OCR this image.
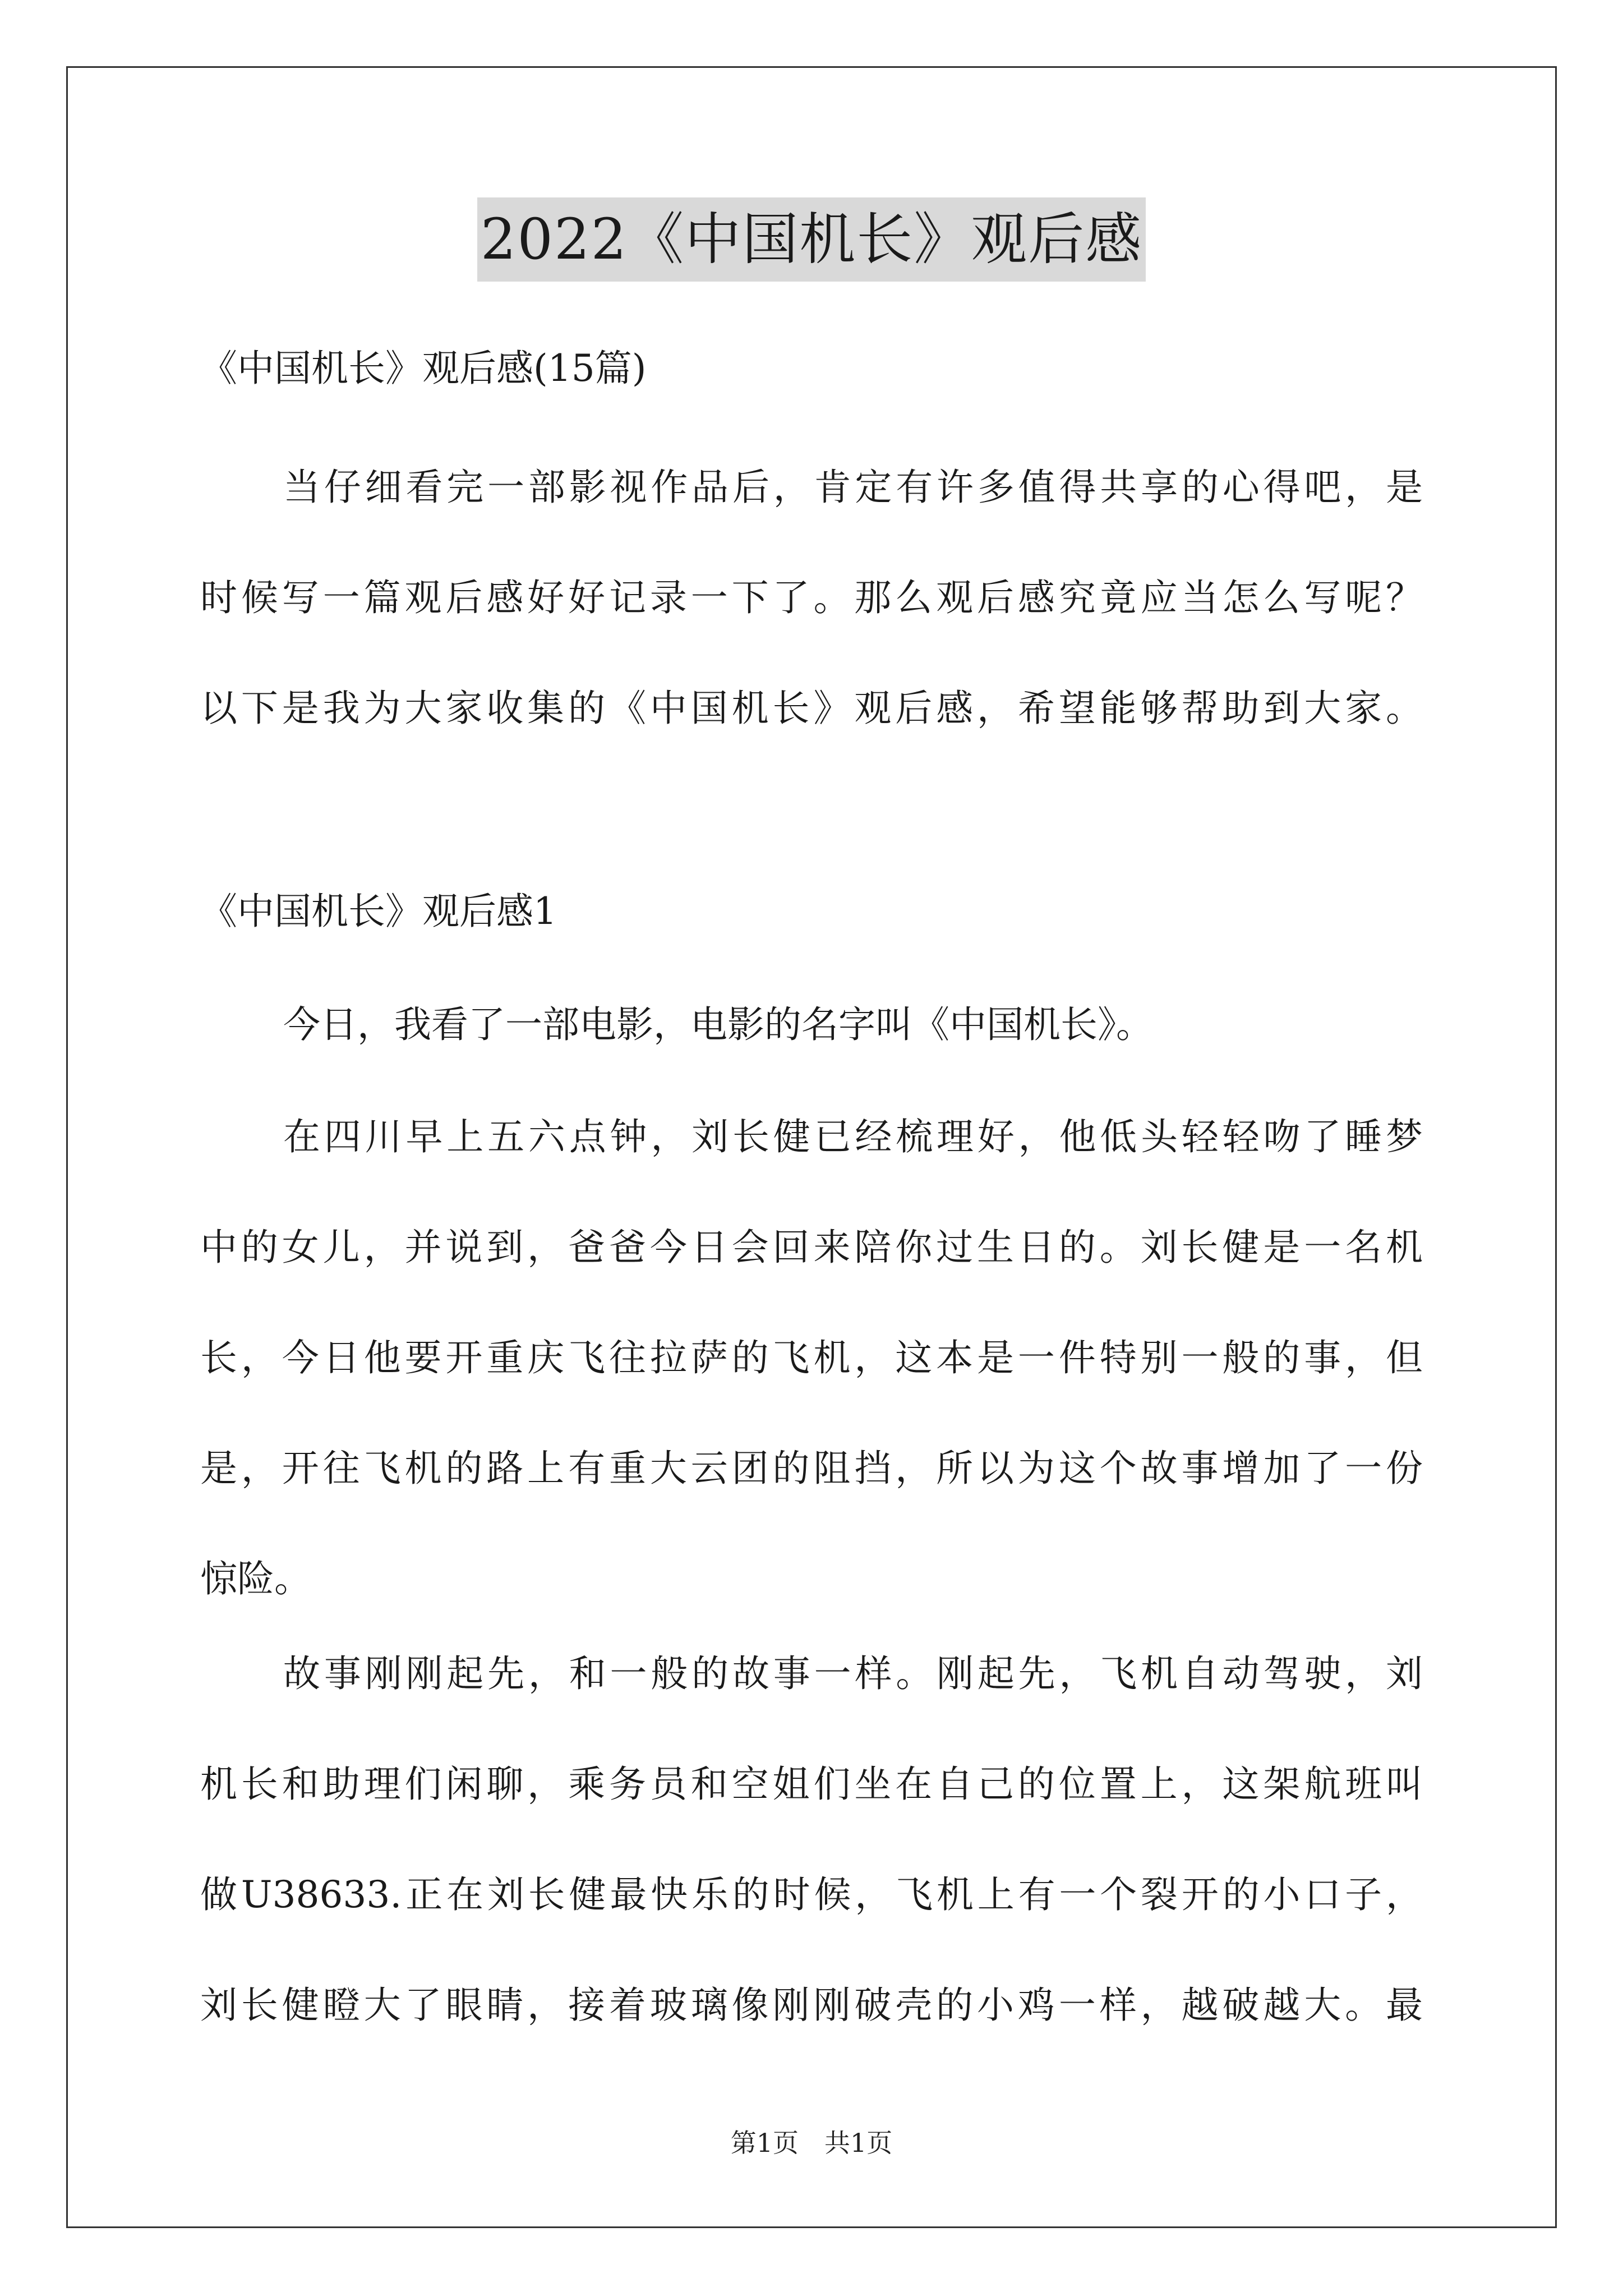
2022《中国机长》观后感
《中国机长》观后感(15篇)
当仔细看完一部影视作品后，肯定有许多值得共享的心得吧，是
时候写一篇观后感好好记录一下了。那么观后感究竟应当怎么写呢？
以下是我为大家收集的《中国机长》观后感，希望能够帮助到大家。
《中国机长》观后感1
今日，我看了一部电影，电影的名字叫《中国机长》。
在四川早上五六点钟，刘长健已经梳理好，他低头轻轻吻了睡梦
中的女儿，并说到，爸爸今日会回来陪你过生日的。刘长健是一名机
长，今日他要开重庆飞往拉萨的飞机，这本是一件特别一般的事，但
是，开往飞机的路上有重大云团的阻挡，所以为这个故事增加了一份
惊险。
故事刚刚起先，和一般的故事一样。刚起先，飞机自动驾驶，刘
机长和助理们闲聊，乘务员和空姐们坐在自己的位置上，这架航班叫
做U38633.正在刘长健最快乐的时候，飞机上有一个裂开的小口子，
刘长健瞪大了眼睛，接着玻璃像刚刚破壳的小鸡一样，越破越大。最
第1页　共1页
